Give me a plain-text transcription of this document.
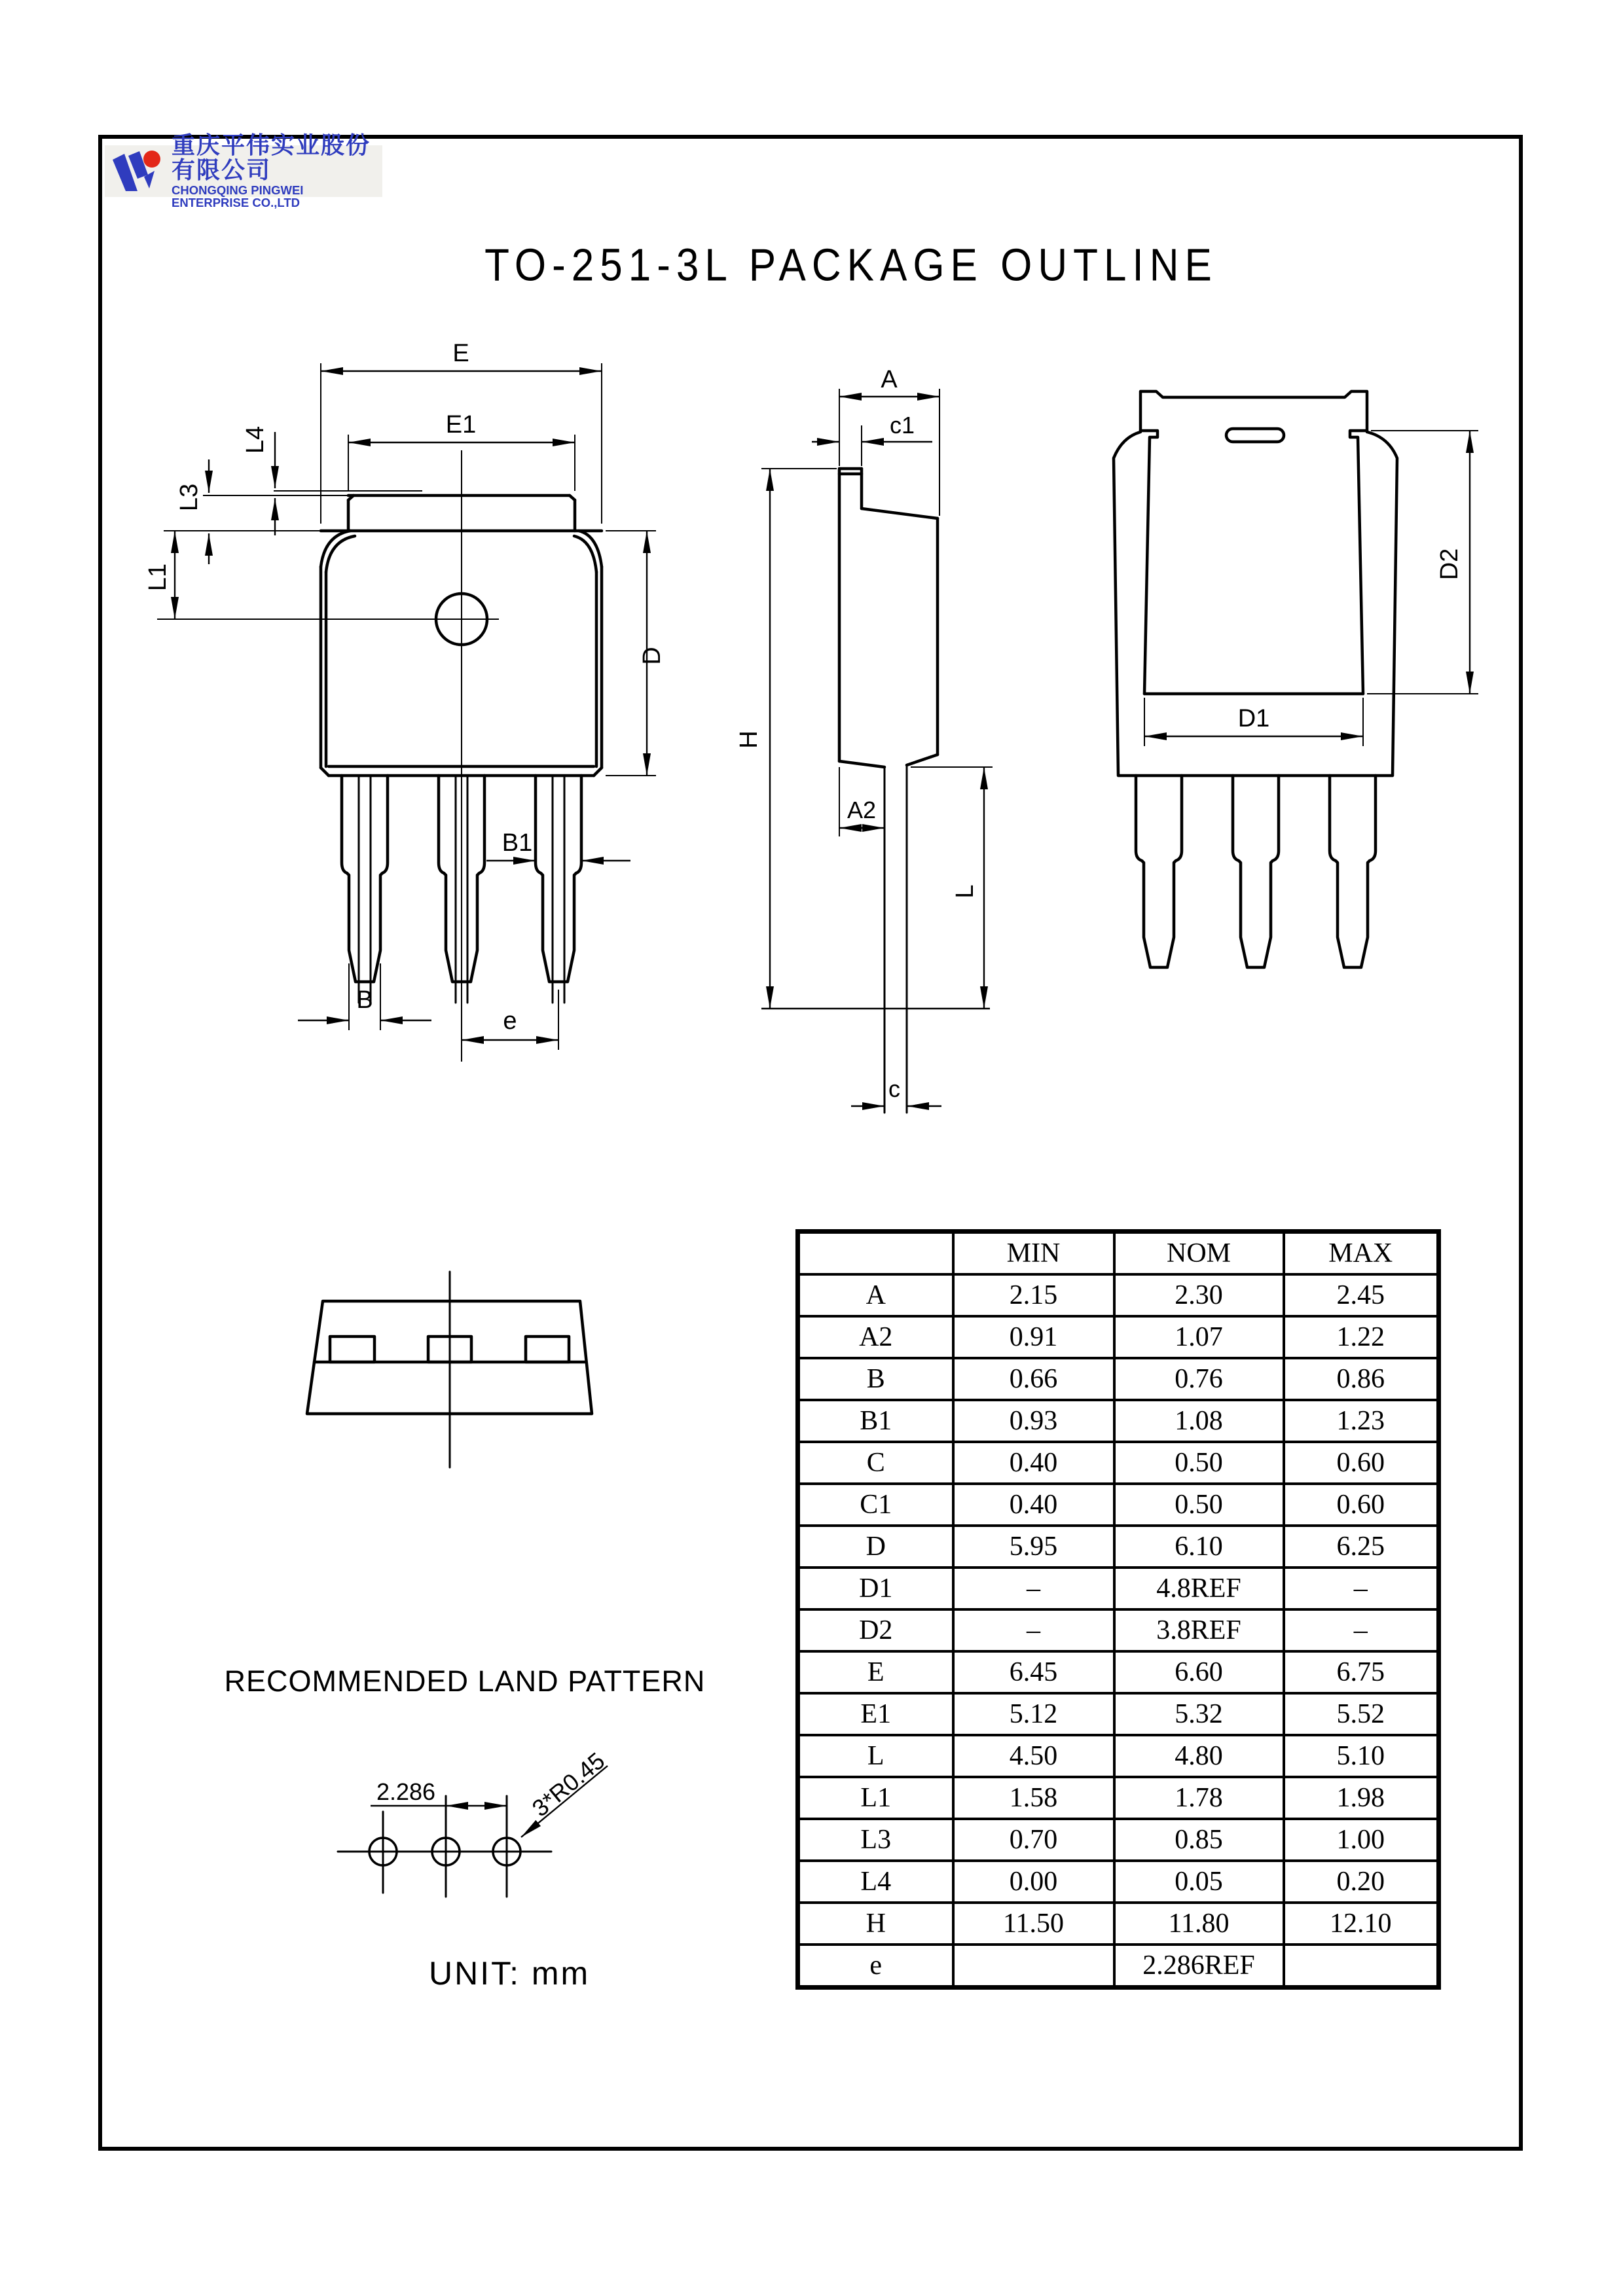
重庆平伟实业股份有限公司
CHONGQING PINGWEI ENTERPRISE CO.,LTD
TO-251-3L PACKAGE OUTLINE
E
E1
L4
L3
L1
D
B1
B
e
A
c1
H
A2
L
c
D2
D1
RECOMMENDED LAND PATTERN
2.286	3*R0.45
UNIT: mm
	MIN	NOM	MAX
A	2.15	2.30	2.45
A2	0.91	1.07	1.22
B	0.66	0.76	0.86
B1	0.93	1.08	1.23
C	0.40	0.50	0.60
C1	0.40	0.50	0.60
D	5.95	6.10	6.25
D1	–	4.8REF	–
D2	–	3.8REF	–
E	6.45	6.60	6.75
E1	5.12	5.32	5.52
L	4.50	4.80	5.10
L1	1.58	1.78	1.98
L3	0.70	0.85	1.00
L4	0.00	0.05	0.20
H	11.50	11.80	12.10
e		2.286REF	
